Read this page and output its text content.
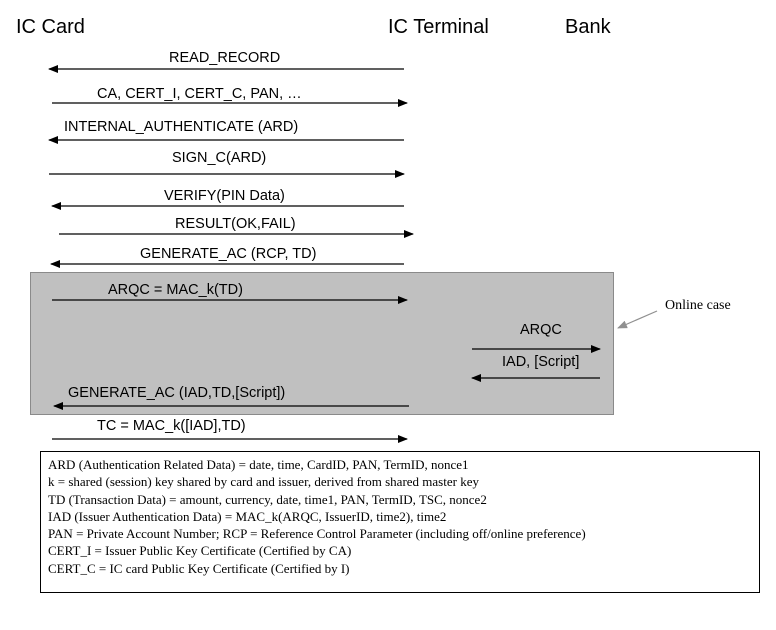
IC Card	IC Terminal	Bank
Online case
READ_RECORD
CA, CERT_I, CERT_C, PAN, …
INTERNAL_AUTHENTICATE (ARD)
SIGN_C(ARD)
VERIFY(PIN Data)
RESULT(OK,FAIL)
GENERATE_AC (RCP, TD)
ARQC = MAC_k(TD)
ARQC
IAD, [Script]
GENERATE_AC (IAD,TD,[Script])
TC = MAC_k([IAD],TD)
ARD (Authentication Related Data) = date, time, CardID, PAN, TermID, nonce1
k = shared (session) key shared by card and issuer, derived from shared master key
TD (Transaction Data) = amount, currency, date, time1, PAN, TermID, TSC, nonce2
IAD (Issuer Authentication Data) = MAC_k(ARQC, IssuerID, time2), time2
PAN = Private Account Number; RCP = Reference Control Parameter (including off/online preference)
CERT_I = Issuer Public Key Certificate (Certified by CA)
CERT_C = IC card Public Key Certificate (Certified by I)
